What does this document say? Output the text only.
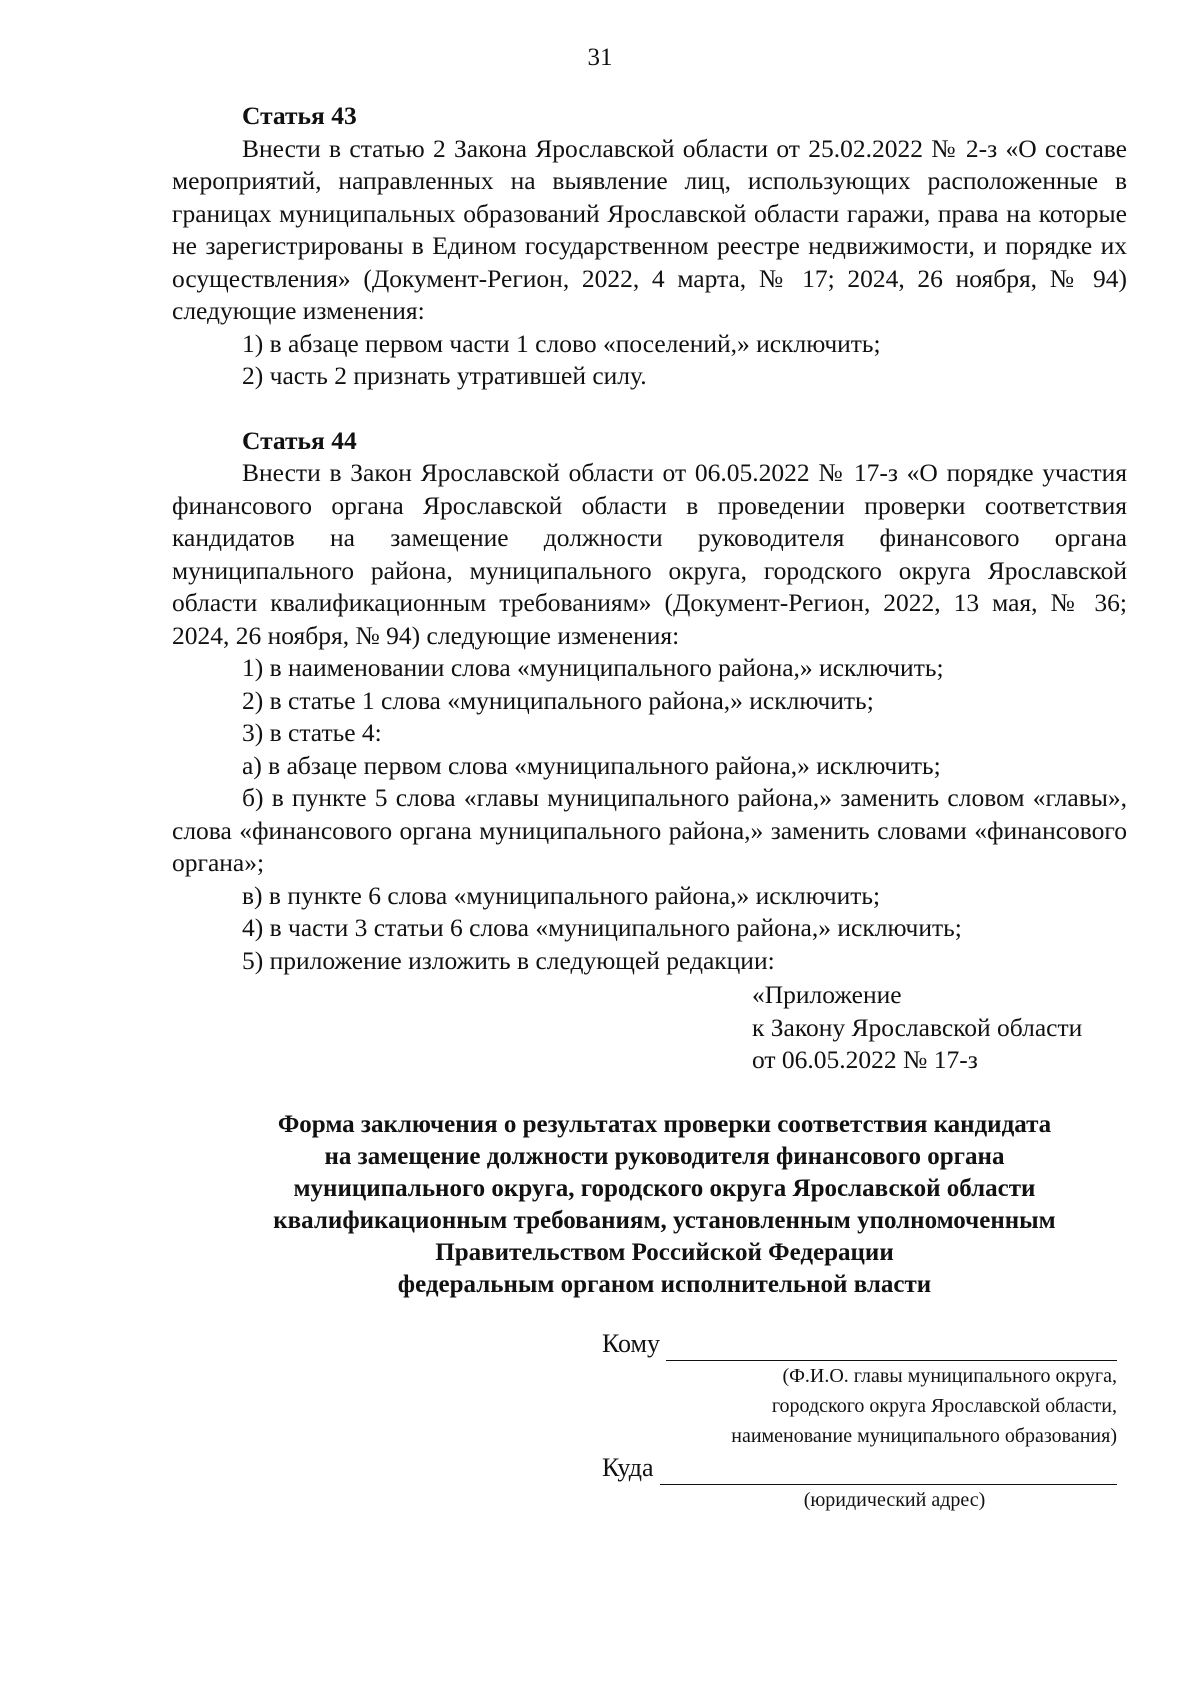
31
Статья 43

Внести в статью 2 Закона Ярославской области от 25.02.2022 № 2-з «О составе мероприятий, направленных на выявление лиц, использующих расположенные в границах муниципальных образований Ярославской области гаражи, права на которые не зарегистрированы в Едином государственном реестре недвижимости, и порядке их осуществления» (Документ-Регион, 2022, 4 марта, № 17; 2024, 26 ноября, № 94) следующие изменения:

1) в абзаце первом части 1 слово «поселений,» исключить;
2) часть 2 признать утратившей силу.
Статья 44

Внести в Закон Ярославской области от 06.05.2022 № 17-з «О порядке участия финансового органа Ярославской области в проведении проверки соответствия кандидатов на замещение должности руководителя финансового органа муниципального района, муниципального округа, городского округа Ярославской области квалификационным требованиям» (Документ-Регион, 2022, 13 мая, № 36; 2024, 26 ноября, № 94) следующие изменения:

1) в наименовании слова «муниципального района,» исключить;
2) в статье 1 слова «муниципального района,» исключить;
3) в статье 4:
а) в абзаце первом слова «муниципального района,» исключить;

б) в пункте 5 слова «главы муниципального района,» заменить словом «главы», слова «финансового органа муниципального района,» заменить словами «финансового органа»;

в) в пункте 6 слова «муниципального района,» исключить;
4) в части 3 статьи 6 слова «муниципального района,» исключить;
5) приложение изложить в следующей редакции:
«Приложение
к Закону Ярославской области
от 06.05.2022 № 17-з
Форма заключения о результатах проверки соответствия кандидата
на замещение должности руководителя финансового органа
муниципального округа, городского округа Ярославской области
квалификационным требованиям, установленным уполномоченным
Правительством Российской Федерации
федеральным органом исполнительной власти
Кому
(Ф.И.О. главы муниципального округа,
городского округа Ярославской области,
наименование муниципального образования)
Куда
(юридический адрес)
